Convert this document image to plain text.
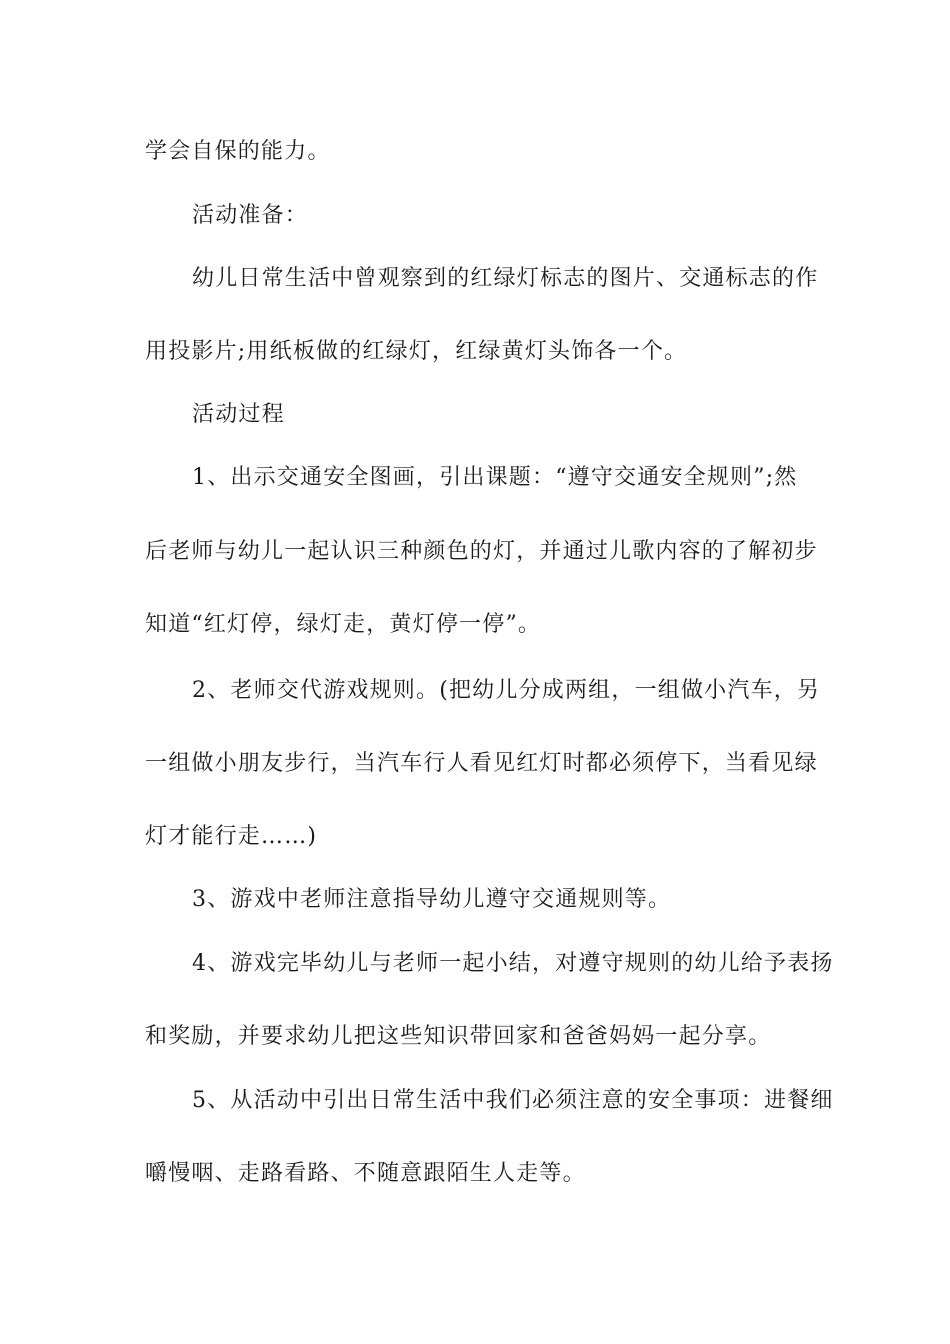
学会自保的能力。
活动准备：
幼儿日常生活中曾观察到的红绿灯标志的图片、交通标志的作
用投影片;用纸板做的红绿灯，红绿黄灯头饰各一个。
活动过程
1、出示交通安全图画，引出课题：“遵守交通安全规则”;然
后老师与幼儿一起认识三种颜色的灯，并通过儿歌内容的了解初步
知道“红灯停，绿灯走，黄灯停一停”。
2、老师交代游戏规则。(把幼儿分成两组，一组做小汽车，另
一组做小朋友步行，当汽车行人看见红灯时都必须停下，当看见绿
灯才能行走……)
3、游戏中老师注意指导幼儿遵守交通规则等。
4、游戏完毕幼儿与老师一起小结，对遵守规则的幼儿给予表扬
和奖励，并要求幼儿把这些知识带回家和爸爸妈妈一起分享。
5、从活动中引出日常生活中我们必须注意的安全事项：进餐细
嚼慢咽、走路看路、不随意跟陌生人走等。
